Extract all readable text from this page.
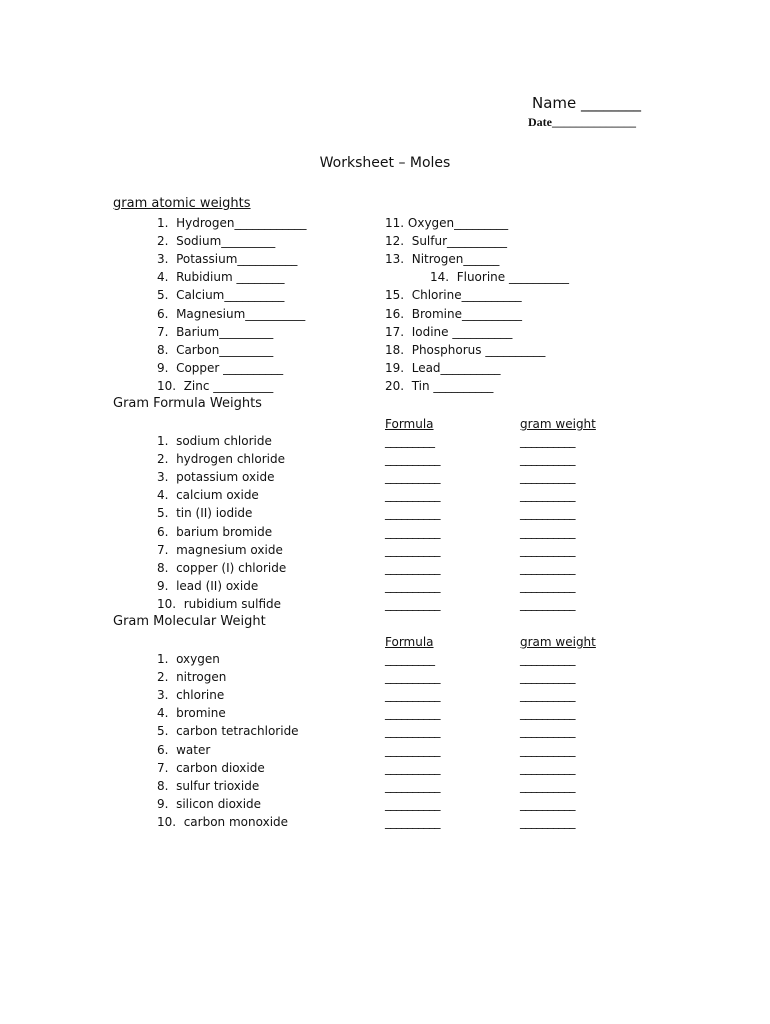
Name ________
Date______________
Worksheet – Moles
gram atomic weights
Gram Formula Weights
Gram Molecular Weight
Formula	gram weight
Formula	gram weight
1.  Hydrogen____________	11. Oxygen_________
2.  Sodium_________	12.  Sulfur__________
3.  Potassium__________	13.  Nitrogen______
4.  Rubidium ________	14.  Fluorine __________
5.  Calcium__________	15.  Chlorine__________
6.  Magnesium__________	16.  Bromine__________
7.  Barium_________	17.  Iodine __________
8.  Carbon_________	18.  Phosphorus __________
9.  Copper __________	19.  Lead__________
10.  Zinc __________	20.  Tin __________
1.  sodium chloride	_________	__________
2.  hydrogen chloride	__________	__________
3.  potassium oxide	__________	__________
4.  calcium oxide	__________	__________
5.  tin (II) iodide	__________	__________
6.  barium bromide	__________	__________
7.  magnesium oxide	__________	__________
8.  copper (I) chloride	__________	__________
9.  lead (II) oxide	__________	__________
10.  rubidium sulfide	__________	__________
1.  oxygen	_________	__________
2.  nitrogen	__________	__________
3.  chlorine	__________	__________
4.  bromine	__________	__________
5.  carbon tetrachloride	__________	__________
6.  water	__________	__________
7.  carbon dioxide	__________	__________
8.  sulfur trioxide	__________	__________
9.  silicon dioxide	__________	__________
10.  carbon monoxide	__________	__________
